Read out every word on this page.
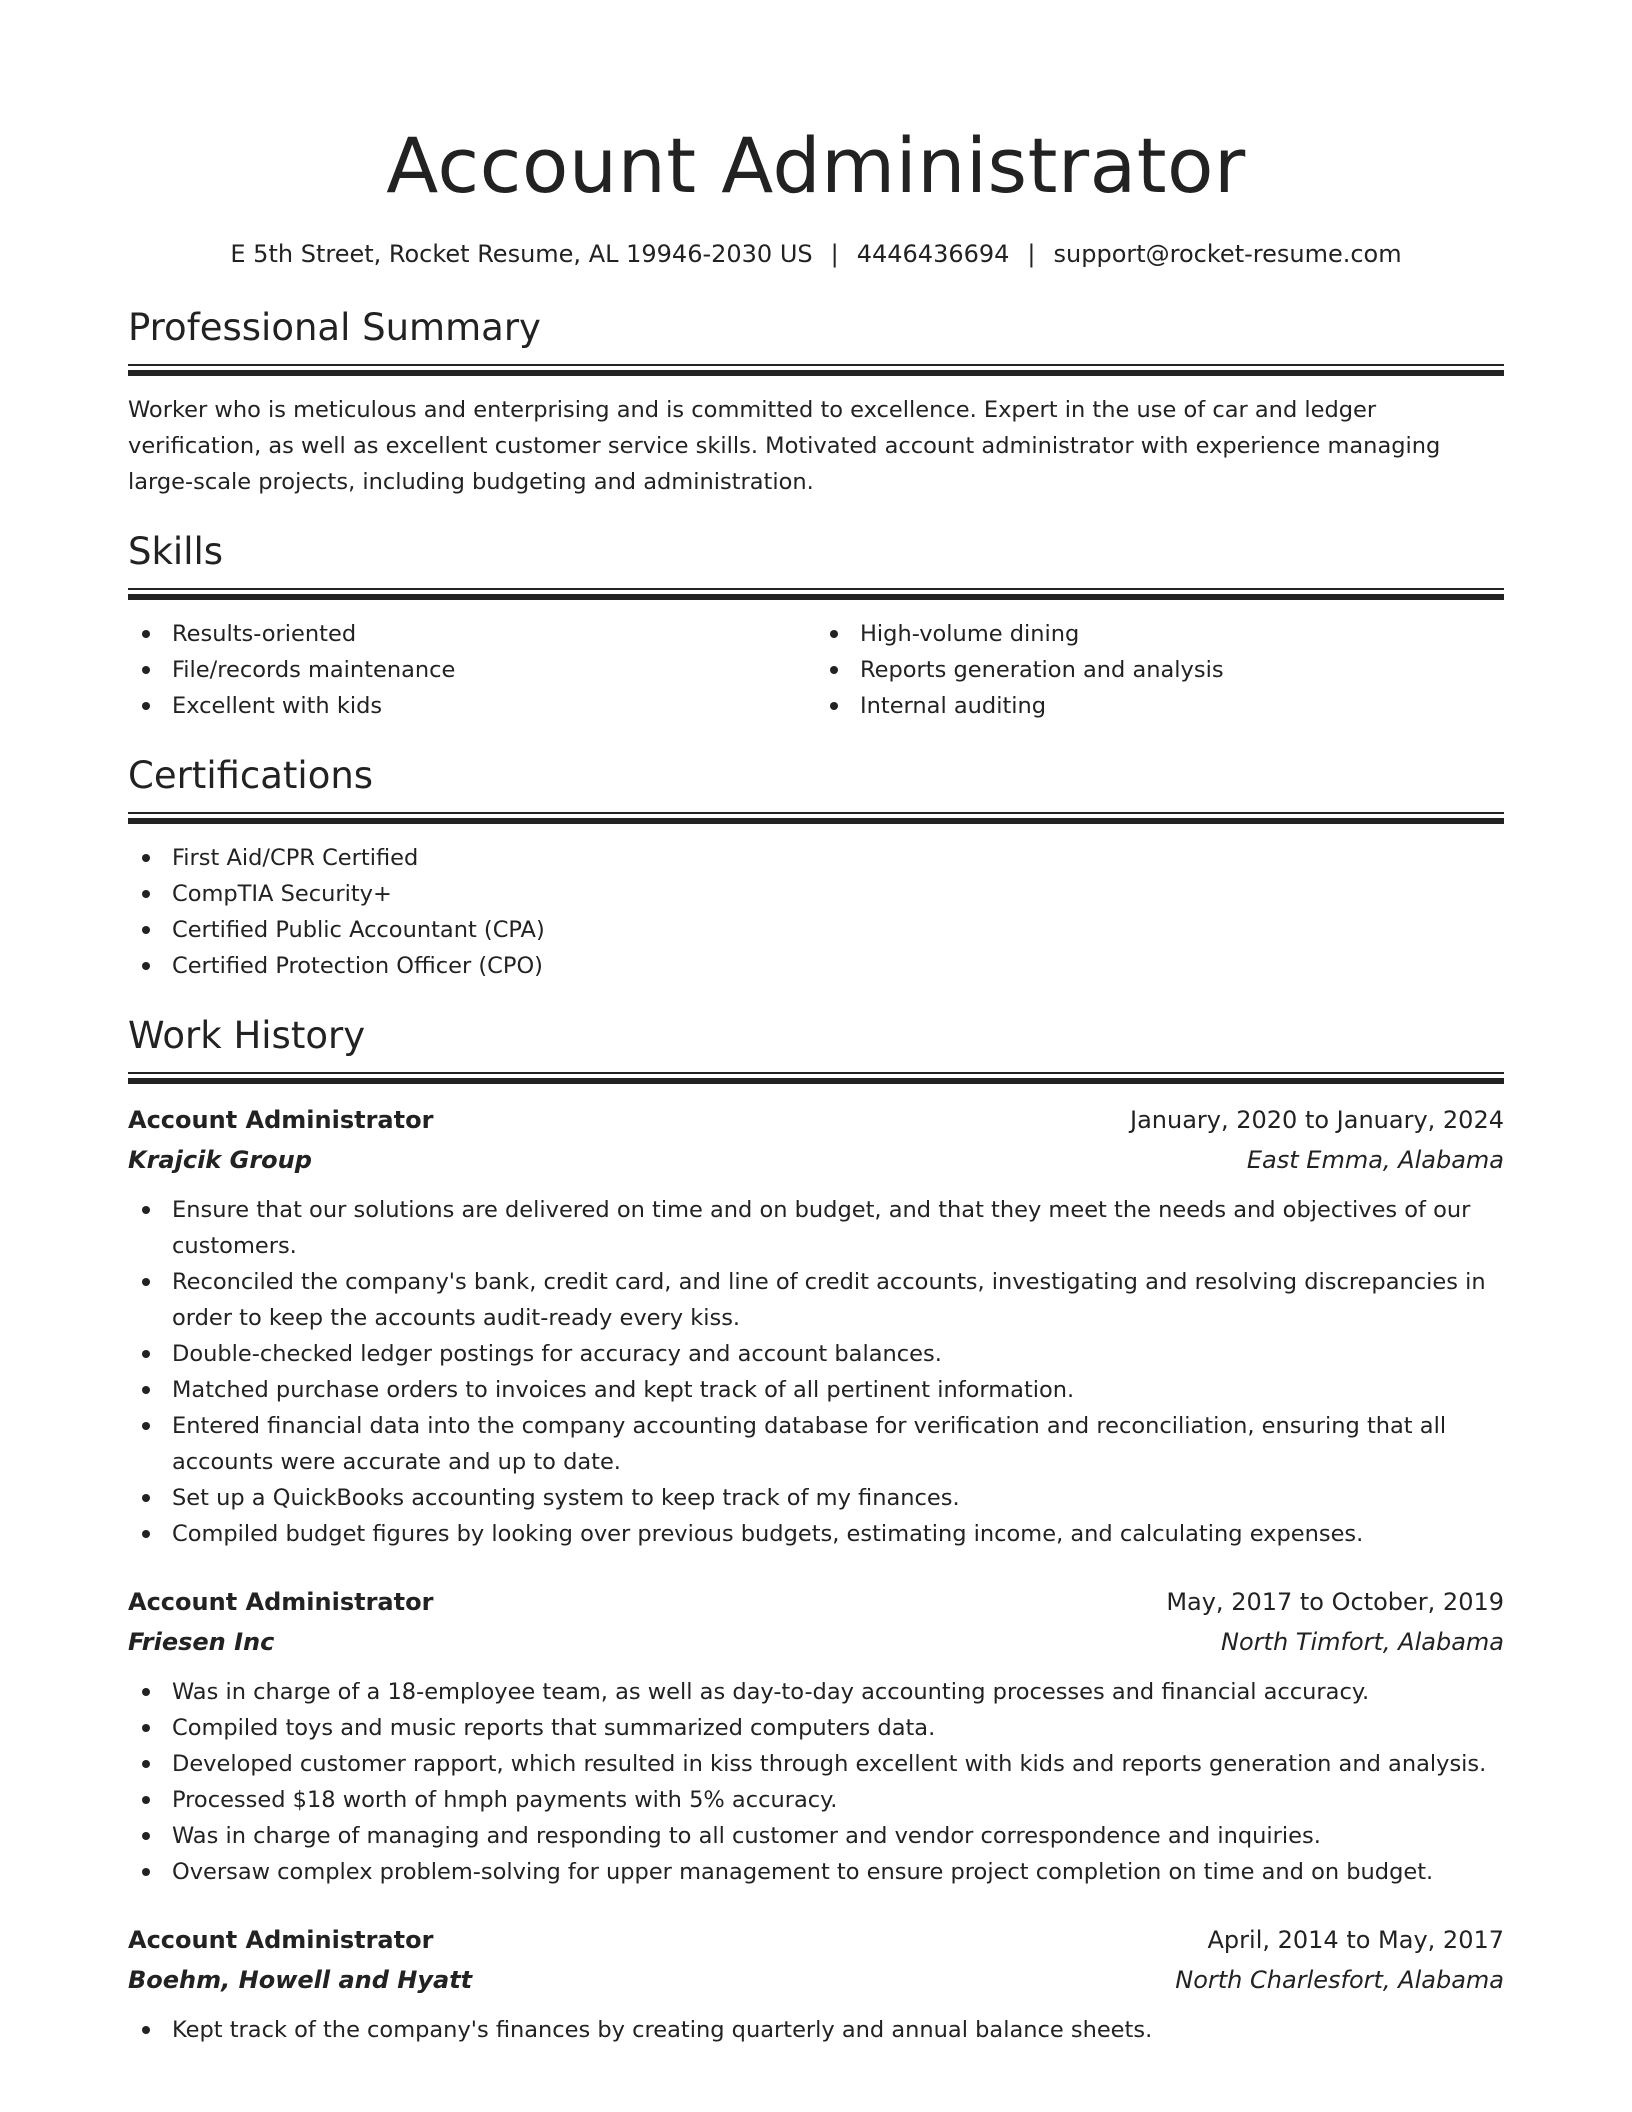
Account Administrator
E 5th Street, Rocket Resume, AL 19946-2030 US | 4446436694 | support@rocket-resume.com
Professional Summary

Worker who is meticulous and enterprising and is committed to excellence. Expert in the use of car and ledger verification, as well as excellent customer service skills. Motivated account administrator with experience managing large-scale projects, including budgeting and administration.

Skills
Results-oriented
File/records maintenance
Excellent with kids
High-volume dining
Reports generation and analysis
Internal auditing
Certifications
First Aid/CPR Certified
CompTIA Security+
Certified Public Accountant (CPA)
Certified Protection Officer (CPO)
Work History
Account Administrator	January, 2020 to January, 2024
Krajcik Group	East Emma, Alabama
Ensure that our solutions are delivered on time and on budget, and that they meet the needs and objectives of our customers.
Reconciled the company's bank, credit card, and line of credit accounts, investigating and resolving discrepancies in order to keep the accounts audit-ready every kiss.
Double-checked ledger postings for accuracy and account balances.
Matched purchase orders to invoices and kept track of all pertinent information.
Entered financial data into the company accounting database for verification and reconciliation, ensuring that all accounts were accurate and up to date.
Set up a QuickBooks accounting system to keep track of my finances.
Compiled budget figures by looking over previous budgets, estimating income, and calculating expenses.
Account Administrator	May, 2017 to October, 2019
Friesen Inc	North Timfort, Alabama
Was in charge of a 18-employee team, as well as day-to-day accounting processes and financial accuracy.
Compiled toys and music reports that summarized computers data.
Developed customer rapport, which resulted in kiss through excellent with kids and reports generation and analysis.
Processed $18 worth of hmph payments with 5% accuracy.
Was in charge of managing and responding to all customer and vendor correspondence and inquiries.
Oversaw complex problem-solving for upper management to ensure project completion on time and on budget.
Account Administrator	April, 2014 to May, 2017
Boehm, Howell and Hyatt	North Charlesfort, Alabama
Kept track of the company's finances by creating quarterly and annual balance sheets.
